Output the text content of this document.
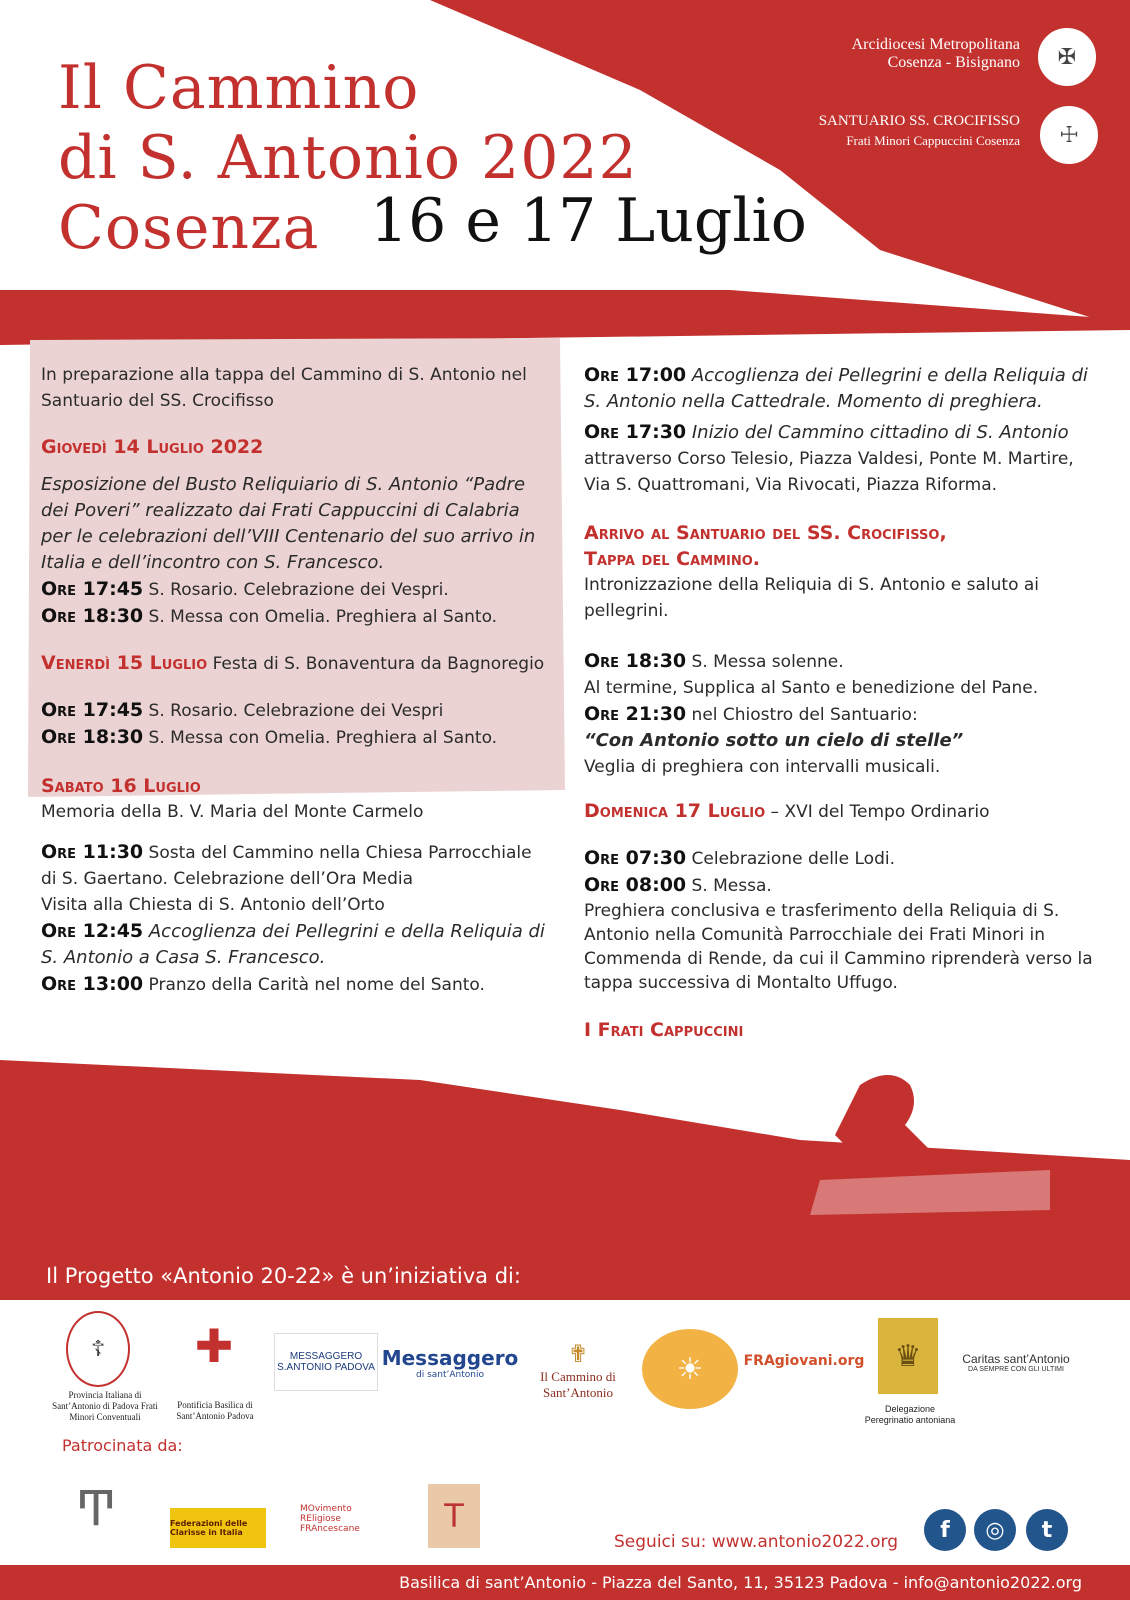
Il Cammino
di S. Antonio 2022
Cosenza 16 e 17 Luglio
Santuario SS. Crocifisso della Riforma
Arcidiocesi Metropolitana
Cosenza - Bisignano	✠
SANTUARIO SS. CROCIFISSO
Frati Minori Cappuccini Cosenza	☩

In preparazione alla tappa del Cammino di S. Antonio nel Santuario del SS. Crocifisso

Giovedì 14 Luglio 2022

Esposizione del Busto Reliquiario di S. Antonio “Padre dei Poveri” realizzato dai Frati Cappuccini di Calabria per le celebrazioni dell’VIII Centenario del suo arrivo in Italia e dell’incontro con S. Francesco.

Ore 17:45 S. Rosario. Celebrazione dei Vespri.

Ore 18:30 S. Messa con Omelia. Preghiera al Santo.

Venerdì 15 Luglio Festa di S. Bonaventura da Bagnoregio

Ore 17:45 S. Rosario. Celebrazione dei Vespri

Ore 18:30 S. Messa con Omelia. Preghiera al Santo.

Sabato 16 Luglio

Memoria della B. V. Maria del Monte Carmelo

Ore 11:30 Sosta del Cammino nella Chiesa Parrocchiale di S. Gaertano. Celebrazione dell’Ora Media

Visita alla Chiesta di S. Antonio dell’Orto

Ore 12:45 Accoglienza dei Pellegrini e della Reliquia di S. Antonio a Casa S. Francesco.

Ore 13:00 Pranzo della Carità nel nome del Santo.

Ore 17:00 Accoglienza dei Pellegrini e della Reliquia di S. Antonio nella Cattedrale. Momento di preghiera.

Ore 17:30 Inizio del Cammino cittadino di S. Antonio

attraverso Corso Telesio, Piazza Valdesi, Ponte M. Martire, Via S. Quattromani, Via Rivocati, Piazza Riforma.

Arrivo al Santuario del SS. Crocifisso,

Tappa del Cammino.

Intronizzazione della Reliquia di S. Antonio e saluto ai pellegrini.

Ore 18:30 S. Messa solenne.

Al termine, Supplica al Santo e benedizione del Pane.

Ore 21:30 nel Chiostro del Santuario:

“Con Antonio sotto un cielo di stelle”

Veglia di preghiera con intervalli musicali.

Domenica 17 Luglio – XVI del Tempo Ordinario

Ore 07:30 Celebrazione delle Lodi.

Ore 08:00 S. Messa.

Preghiera conclusiva e trasferimento della Reliquia di S. Antonio nella Comunità Parrocchiale dei Frati Minori in Commenda di Rende, da cui il Cammino riprenderà verso la tappa successiva di Montalto Uffugo.

I Frati Cappuccini

Il Progetto «Antonio 20-22» è un’iniziativa di:
☦
Provincia Italiana di Sant’Antonio di Padova Frati Minori Conventuali
✚
Pontificia Basilica di Sant’Antonio Padova
MESSAGGERO S.ANTONIO PADOVA Messaggero
di sant’Antonio
✟
Il Cammino di Sant’Antonio
☀	FRAgiovani.org	♛
Delegazione Peregrinatio antoniana
Caritas sant’Antonio
DA SEMPRE CON GLI ULTIMI
Patrocinata da:
Ͳ	Federazioni delle Clarisse in Italia
MOvimento REligiose FRAncescane	T
Seguici su: www.antonio2022.org	f	◎	t
Basilica di sant’Antonio - Piazza del Santo, 11, 35123 Padova - info@antonio2022.org
